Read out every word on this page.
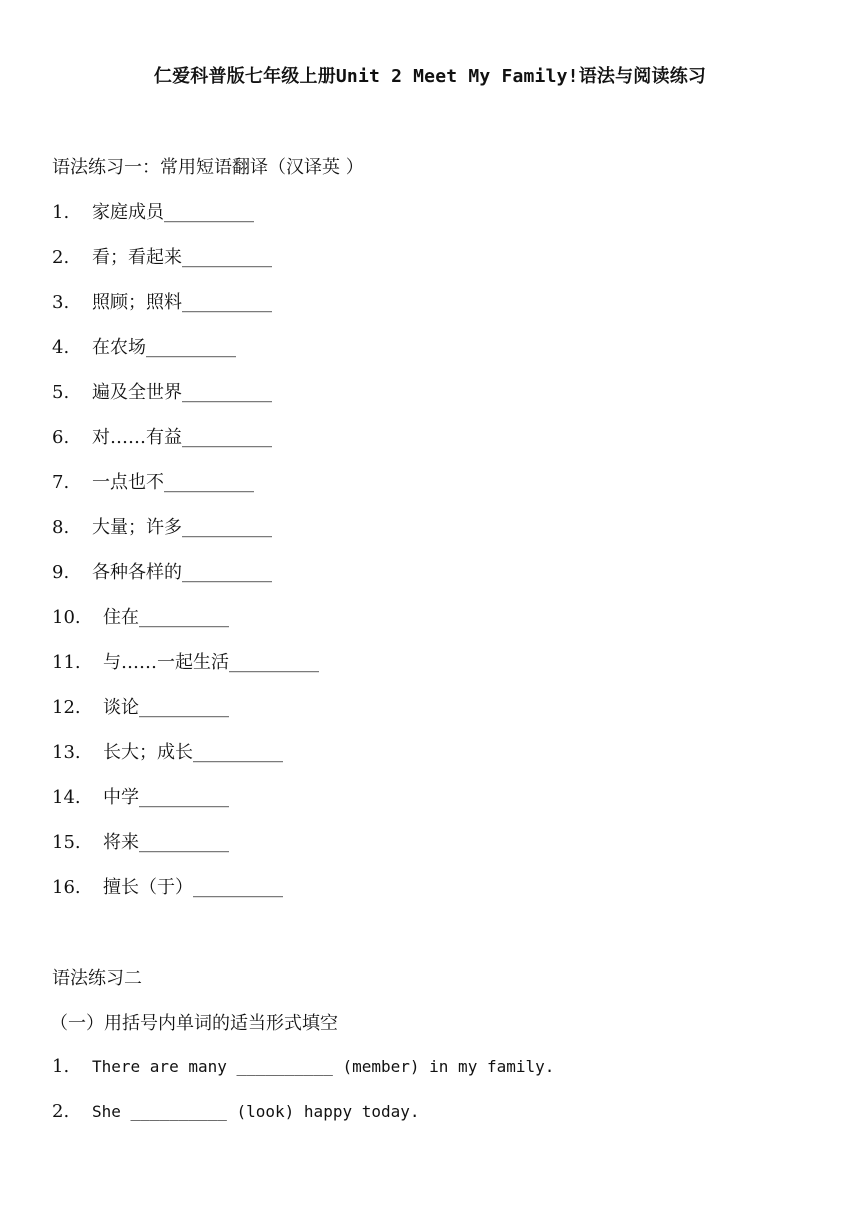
仁爱科普版七年级上册Unit 2 Meet My Family!语法与阅读练习
语法练习一：常用短语翻译（汉译英 ）
1. 家庭成员__________
2. 看；看起来__________
3. 照顾；照料__________
4. 在农场__________
5. 遍及全世界__________
6. 对……有益__________
7. 一点也不__________
8. 大量；许多__________
9. 各种各样的__________
10. 住在__________
11. 与……一起生活__________
12. 谈论__________
13. 长大；成长__________
14. 中学__________
15. 将来__________
16. 擅长（于）__________
语法练习二
（一）用括号内单词的适当形式填空
1. There are many __________ (member) in my family.
2. She __________ (look) happy today.
